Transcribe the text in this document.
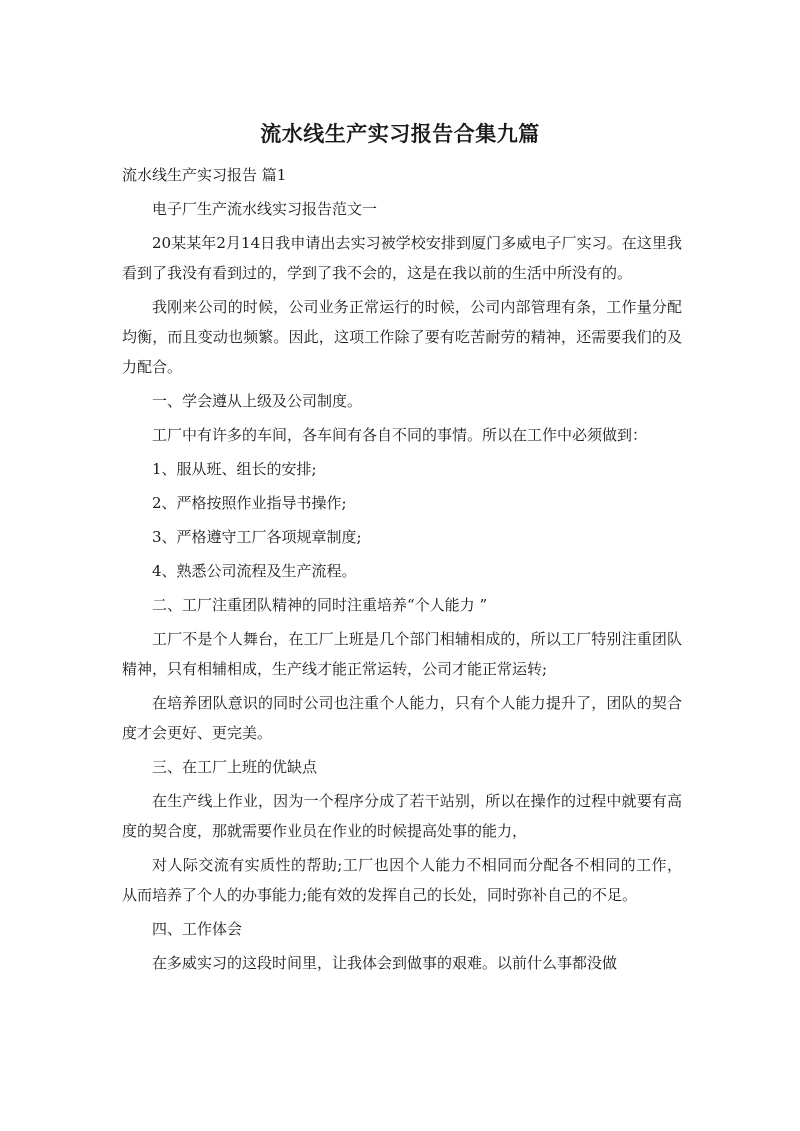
流水线生产实习报告合集九篇

流水线生产实习报告 篇1

电子厂生产流水线实习报告范文一

20某某年2月14日我申请出去实习被学校安排到厦门多威电子厂实习。在这里我看到了我没有看到过的，学到了我不会的，这是在我以前的生活中所没有的。

我刚来公司的时候，公司业务正常运行的时候，公司内部管理有条，工作量分配均衡，而且变动也频繁。因此，这项工作除了要有吃苦耐劳的精神，还需要我们的及力配合。

一、学会遵从上级及公司制度。

工厂中有许多的车间，各车间有各自不同的事情。所以在工作中必须做到：

1、服从班、组长的安排;

2、严格按照作业指导书操作;

3、严格遵守工厂各项规章制度;

4、熟悉公司流程及生产流程。

二、工厂注重团队精神的同时注重培养“个人能力 ”

工厂不是个人舞台，在工厂上班是几个部门相辅相成的，所以工厂特别注重团队精神，只有相辅相成，生产线才能正常运转，公司才能正常运转;

在培养团队意识的同时公司也注重个人能力，只有个人能力提升了，团队的契合度才会更好、更完美。

三、在工厂上班的优缺点

在生产线上作业，因为一个程序分成了若干站别，所以在操作的过程中就要有高度的契合度，那就需要作业员在作业的时候提高处事的能力，

对人际交流有实质性的帮助;工厂也因个人能力不相同而分配各不相同的工作，从而培养了个人的办事能力;能有效的发挥自己的长处，同时弥补自己的不足。

四、工作体会

在多威实习的这段时间里，让我体会到做事的艰难。以前什么事都没做
